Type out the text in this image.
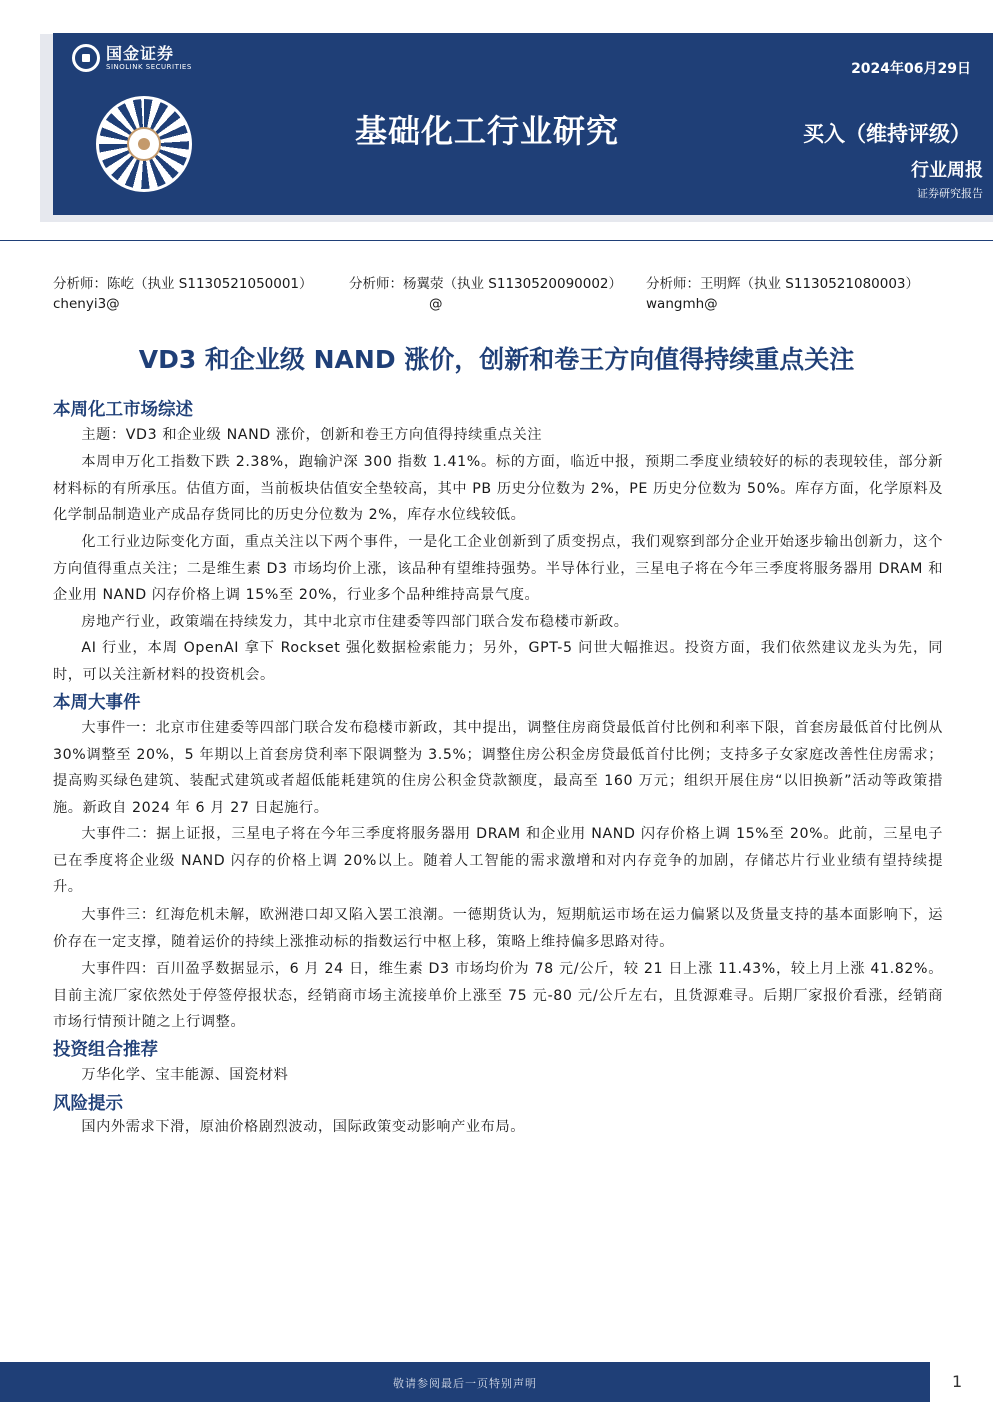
国金证券
SINOLINK SECURITIES	2024年06月29日
基础化工行业研究	买入（维持评级）
行业周报
证券研究报告
分析师：陈屹（执业 S1130521050001）
chenyi3@
分析师：杨翼荥（执业 S1130520090002）
@
分析师：王明辉（执业 S1130521080003）
wangmh@
VD3 和企业级 NAND 涨价，创新和卷王方向值得持续重点关注
本周化工市场综述
主题：VD3 和企业级 NAND 涨价，创新和卷王方向值得持续重点关注
本周申万化工指数下跌 2.38%，跑输沪深 300 指数 1.41%。标的方面，临近中报，预期二季度业绩较好的标的表现较佳，部分新材料标的有所承压。估值方面，当前板块估值安全垫较高，其中 PB 历史分位数为 2%，PE 历史分位数为 50%。库存方面，化学原料及化学制品制造业产成品存货同比的历史分位数为 2%，库存水位线较低。
化工行业边际变化方面，重点关注以下两个事件，一是化工企业创新到了质变拐点，我们观察到部分企业开始逐步输出创新力，这个方向值得重点关注；二是维生素 D3 市场均价上涨，该品种有望维持强势。半导体行业，三星电子将在今年三季度将服务器用 DRAM 和企业用 NAND 闪存价格上调 15%至 20%，行业多个品种维持高景气度。
房地产行业，政策端在持续发力，其中北京市住建委等四部门联合发布稳楼市新政。
AI 行业，本周 OpenAI 拿下 Rockset 强化数据检索能力；另外，GPT-5 问世大幅推迟。投资方面，我们依然建议龙头为先，同时，可以关注新材料的投资机会。
本周大事件
大事件一：北京市住建委等四部门联合发布稳楼市新政，其中提出，调整住房商贷最低首付比例和利率下限，首套房最低首付比例从 30%调整至 20%，5 年期以上首套房贷利率下限调整为 3.5%；调整住房公积金房贷最低首付比例；支持多子女家庭改善性住房需求；提高购买绿色建筑、装配式建筑或者超低能耗建筑的住房公积金贷款额度，最高至 160 万元；组织开展住房“以旧换新”活动等政策措施。新政自 2024 年 6 月 27 日起施行。
大事件二：据上证报，三星电子将在今年三季度将服务器用 DRAM 和企业用 NAND 闪存价格上调 15%至 20%。此前，三星电子已在季度将企业级 NAND 闪存的价格上调 20%以上。随着人工智能的需求激增和对内存竞争的加剧，存储芯片行业业绩有望持续提升。
大事件三：红海危机未解，欧洲港口却又陷入罢工浪潮。一德期货认为，短期航运市场在运力偏紧以及货量支持的基本面影响下，运价存在一定支撑，随着运价的持续上涨推动标的指数运行中枢上移，策略上维持偏多思路对待。
大事件四：百川盈孚数据显示，6 月 24 日，维生素 D3 市场均价为 78 元/公斤，较 21 日上涨 11.43%，较上月上涨 41.82%。目前主流厂家依然处于停签停报状态，经销商市场主流接单价上涨至 75 元-80 元/公斤左右，且货源难寻。后期厂家报价看涨，经销商市场行情预计随之上行调整。
投资组合推荐
万华化学、宝丰能源、国瓷材料
风险提示
国内外需求下滑，原油价格剧烈波动，国际政策变动影响产业布局。
敬请参阅最后一页特别声明	1
